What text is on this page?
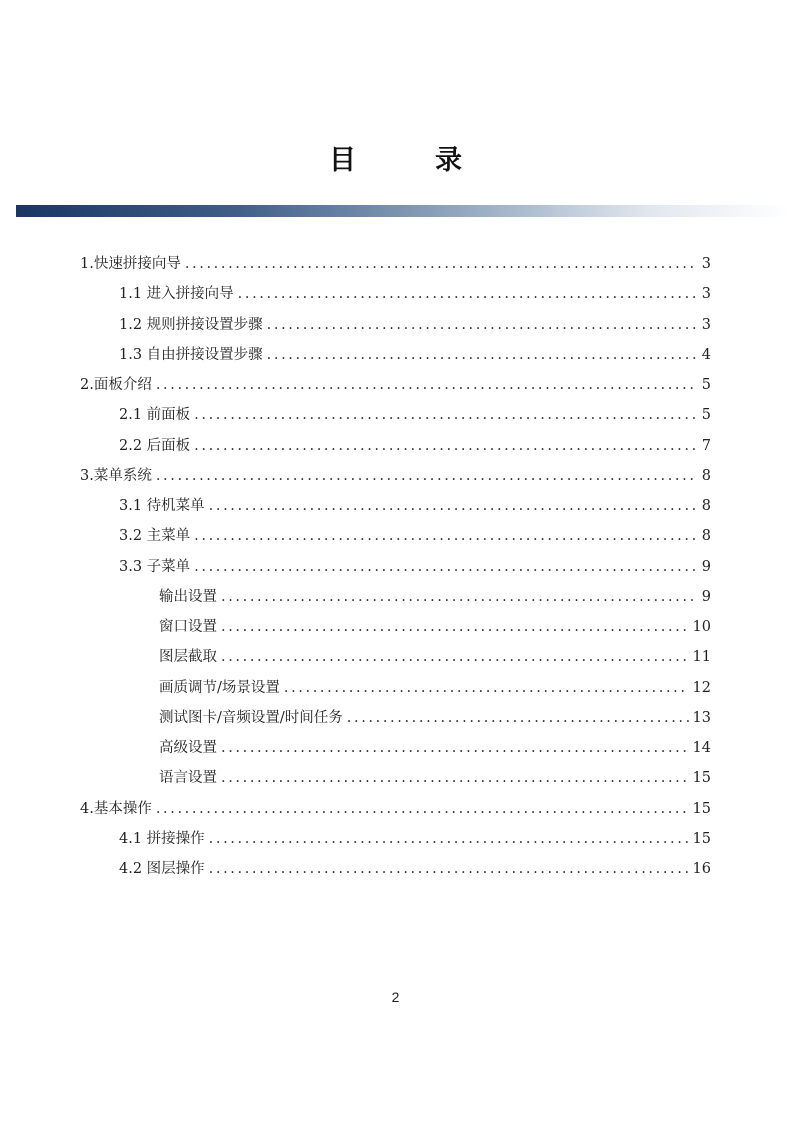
目　录
1.快速拼接向导 .....	3
1.1 进入拼接向导 .....	3
1.2 规则拼接设置步骤 .....	3
1.3 自由拼接设置步骤 .....	4
2.面板介绍 .....	5
2.1 前面板 .....	5
2.2 后面板 .....	7
3.菜单系统 .....	8
3.1 待机菜单 .....	8
3.2 主菜单 .....	8
3.3 子菜单 .....	9
输出设置 .....	9
窗口设置 .....	10
图层截取 .....	11
画质调节/场景设置 .....	12
测试图卡/音频设置/时间任务 .....	13
高级设置 .....	14
语言设置 .....	15
4.基本操作 .....	15
4.1 拼接操作 .....	15
4.2 图层操作 .....	16
2
